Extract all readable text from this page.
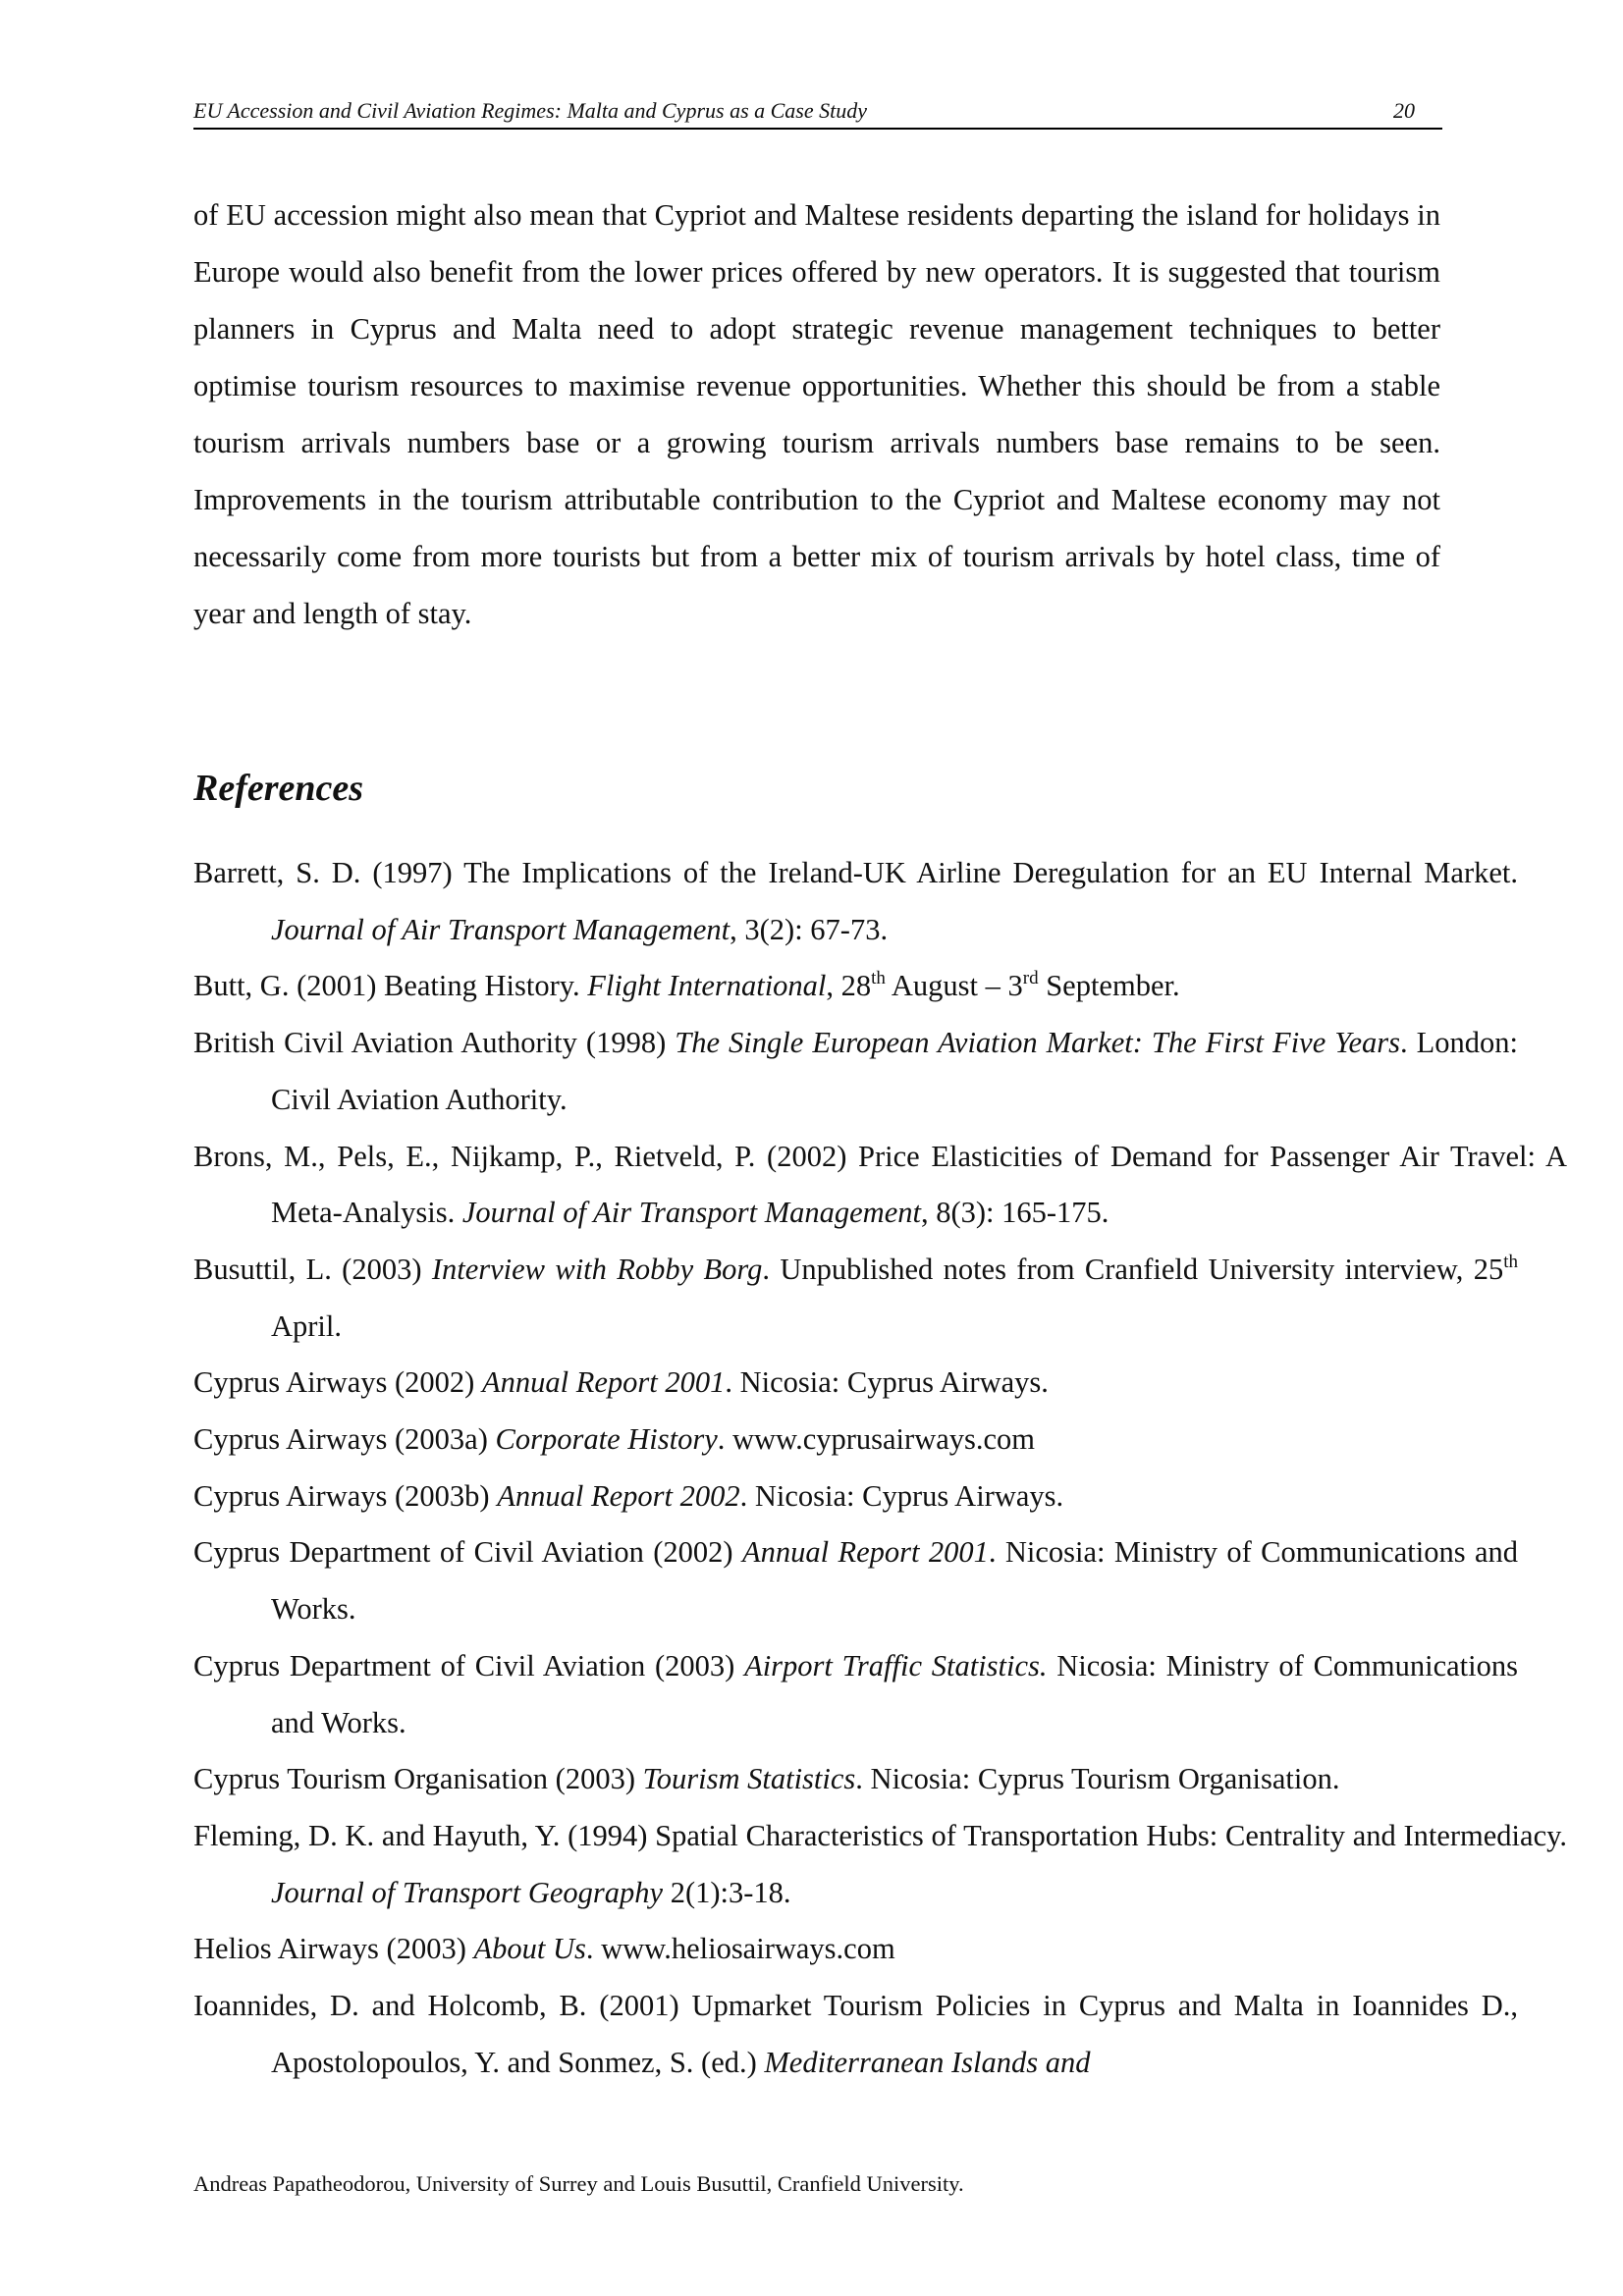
EU Accession and Civil Aviation Regimes: Malta and Cyprus as a Case Study	20

of EU accession might also mean that Cypriot and Maltese residents departing the island for holidays in Europe would also benefit from the lower prices offered by new operators. It is suggested that tourism planners in Cyprus and Malta need to adopt strategic revenue management techniques to better optimise tourism resources to maximise revenue opportunities. Whether this should be from a stable tourism arrivals numbers base or a growing tourism arrivals numbers base remains to be seen. Improvements in the tourism attributable contribution to the Cypriot and Maltese economy may not necessarily come from more tourists but from a better mix of tourism arrivals by hotel class, time of year and length of stay.

References
Barrett, S. D. (1997) The Implications of the Ireland-UK Airline Deregulation for an EU Internal Market. Journal of Air Transport Management, 3(2): 67-73.
Butt, G. (2001) Beating History. Flight International, 28th August – 3rd September.
British Civil Aviation Authority (1998) The Single European Aviation Market: The First Five Years. London: Civil Aviation Authority.
Brons, M., Pels, E., Nijkamp, P., Rietveld, P. (2002) Price Elasticities of Demand for Passenger Air Travel: A Meta-Analysis. Journal of Air Transport Management, 8(3): 165-175.
Busuttil, L. (2003) Interview with Robby Borg. Unpublished notes from Cranfield University interview, 25th April.
Cyprus Airways (2002) Annual Report 2001. Nicosia: Cyprus Airways.
Cyprus Airways (2003a) Corporate History. www.cyprusairways.com
Cyprus Airways (2003b) Annual Report 2002. Nicosia: Cyprus Airways.
Cyprus Department of Civil Aviation (2002) Annual Report 2001. Nicosia: Ministry of Communications and Works.
Cyprus Department of Civil Aviation (2003) Airport Traffic Statistics. Nicosia: Ministry of Communications and Works.
Cyprus Tourism Organisation (2003) Tourism Statistics. Nicosia: Cyprus Tourism Organisation.
Fleming, D. K. and Hayuth, Y. (1994) Spatial Characteristics of Transportation Hubs: Centrality and Intermediacy. Journal of Transport Geography 2(1):3-18.
Helios Airways (2003) About Us. www.heliosairways.com
Ioannides, D. and Holcomb, B. (2001) Upmarket Tourism Policies in Cyprus and Malta in Ioannides D., Apostolopoulos, Y. and Sonmez, S. (ed.) Mediterranean Islands and
Andreas Papatheodorou, University of Surrey and Louis Busuttil, Cranfield University.
